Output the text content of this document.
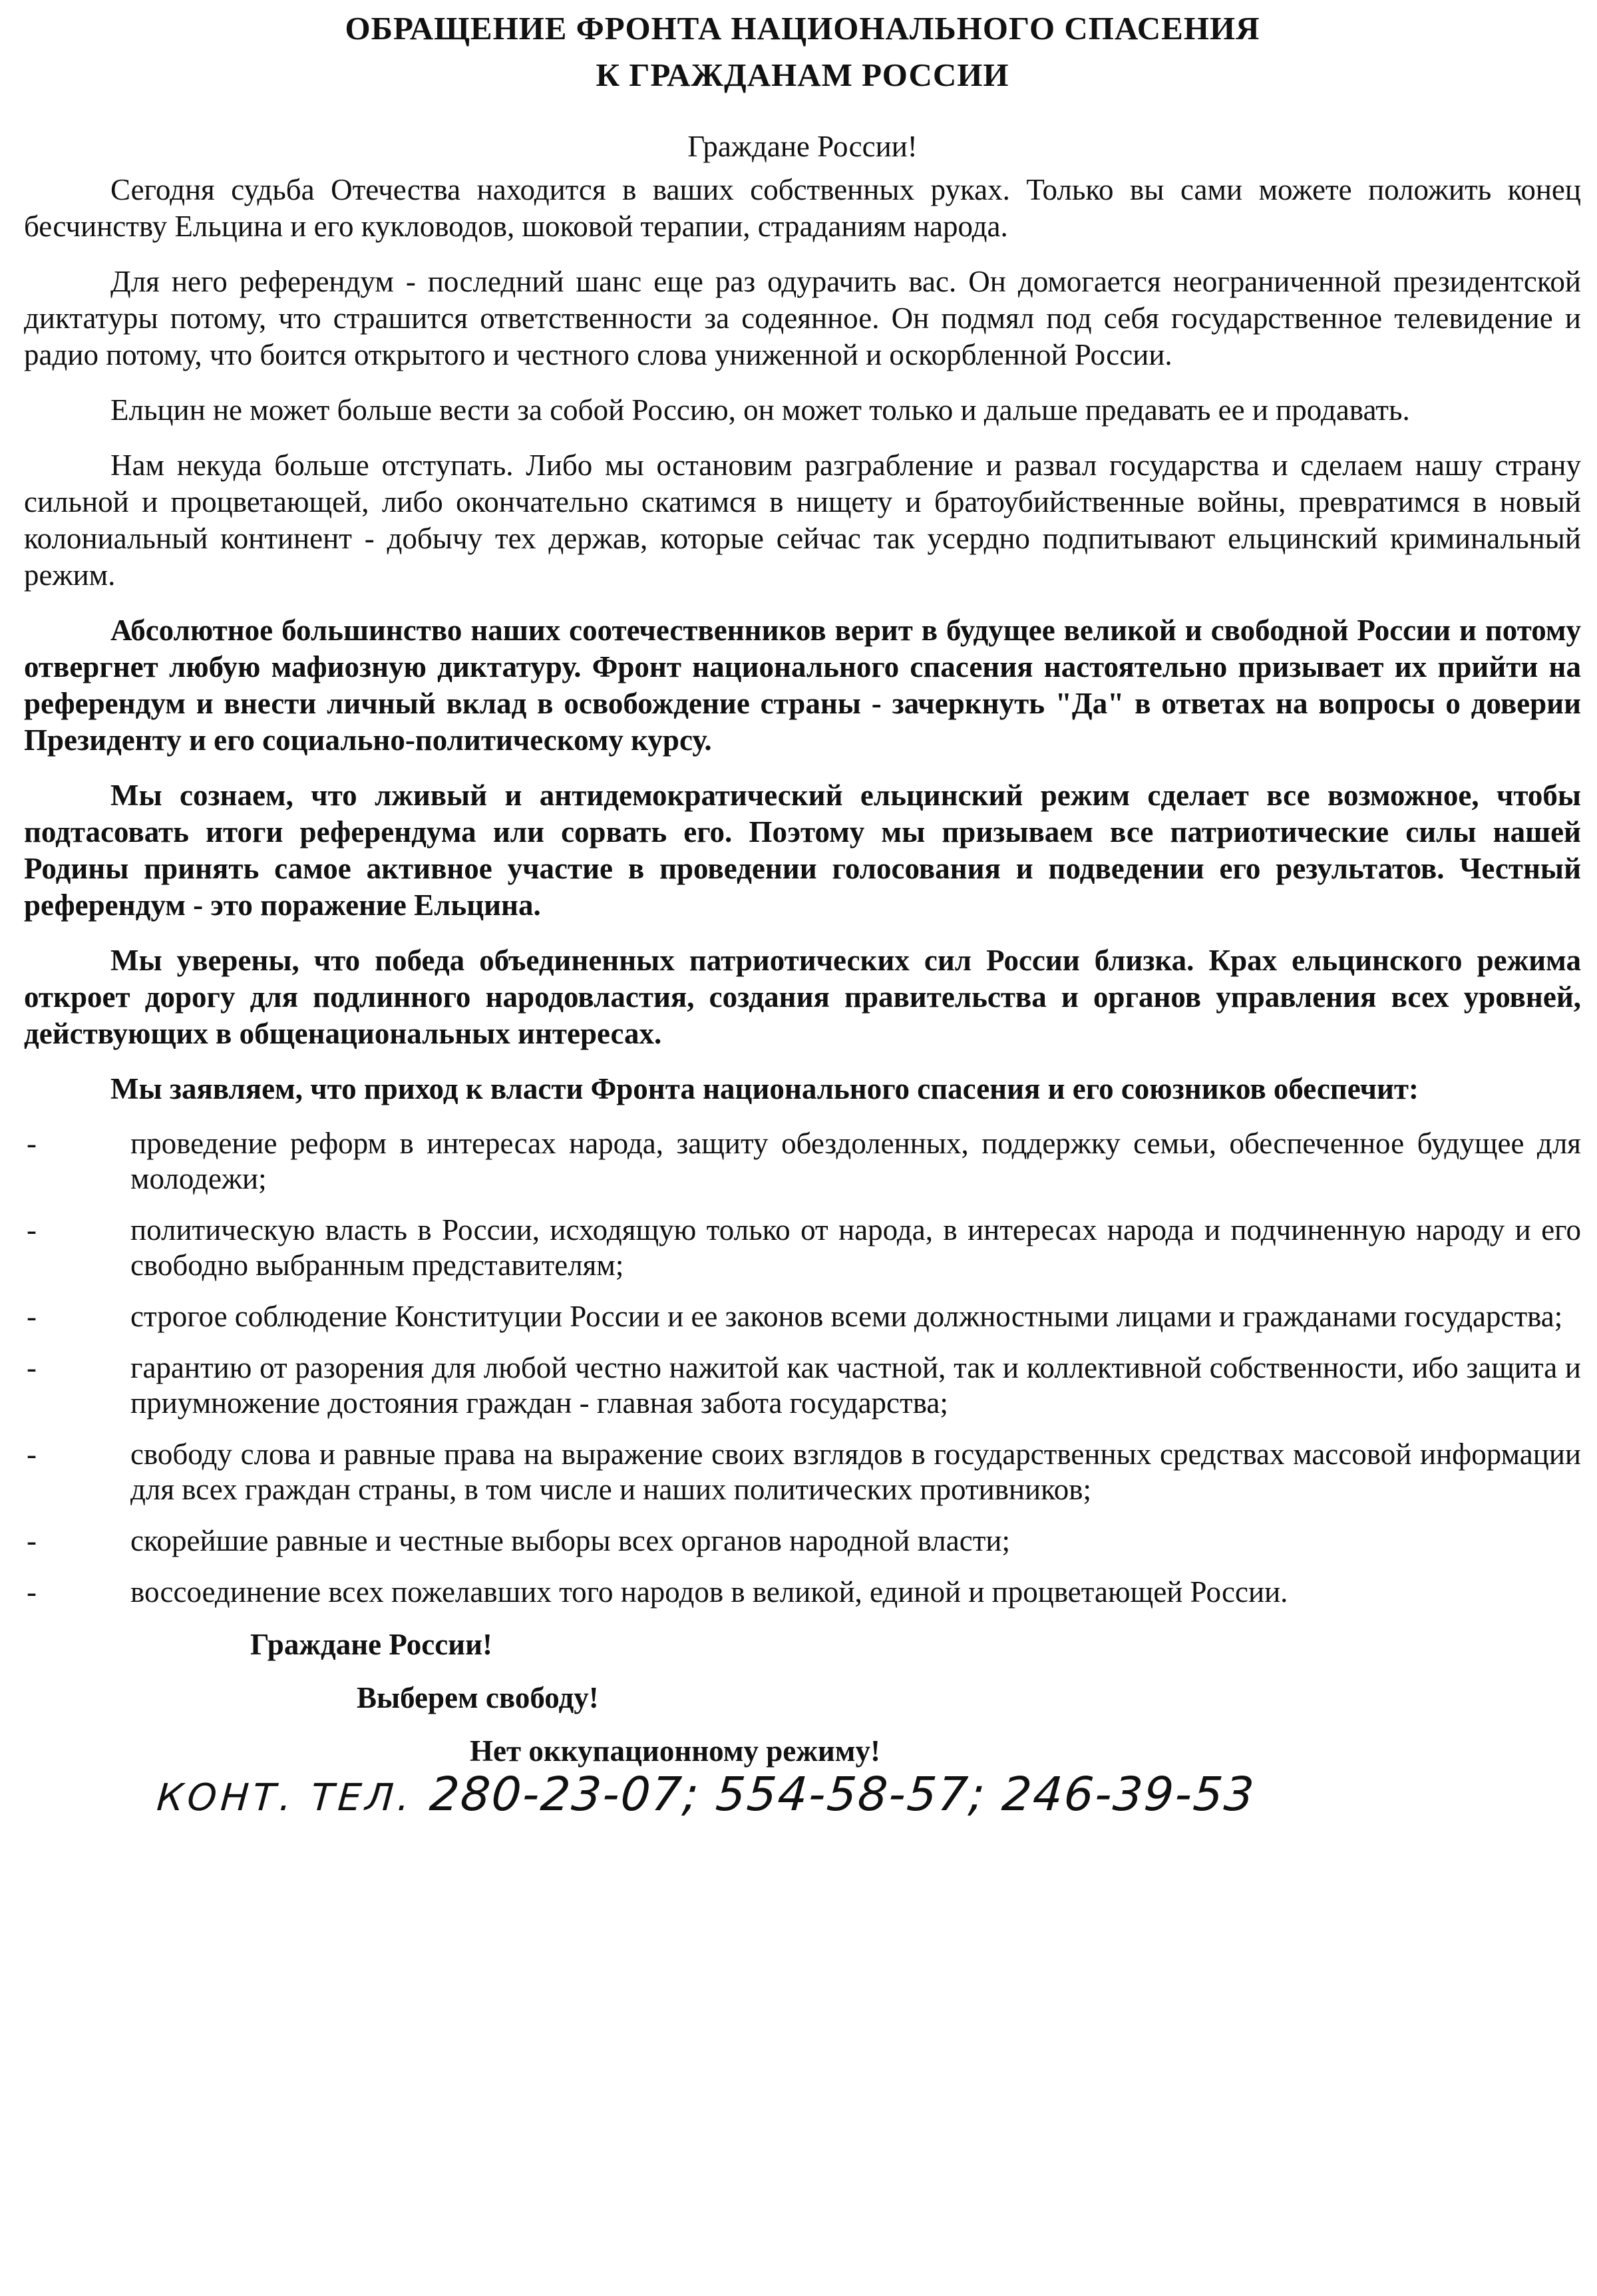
ОБРАЩЕНИЕ ФРОНТА НАЦИОНАЛЬНОГО СПАСЕНИЯ
К ГРАЖДАНАМ РОССИИ
Граждане России!

Сегодня судьба Отечества находится в ваших собственных руках. Только вы сами можете положить конец бесчинству Ельцина и его кукловодов, шоковой терапии, страданиям народа.

Для него референдум - последний шанс еще раз одурачить вас. Он домогается неограниченной президентской диктатуры потому, что страшится ответственности за содеянное. Он подмял под себя государственное телевидение и радио потому, что боится открытого и честного слова униженной и оскорбленной России.

Ельцин не может больше вести за собой Россию, он может только и дальше предавать ее и продавать.

Нам некуда больше отступать. Либо мы остановим разграбление и развал государства и сделаем нашу страну сильной и процветающей, либо окончательно скатимся в нищету и братоубийственные войны, превратимся в новый колониальный континент - добычу тех держав, которые сейчас так усердно подпитывают ельцинский криминальный режим.

Абсолютное большинство наших соотечественников верит в будущее великой и свободной России и потому отвергнет любую мафиозную диктатуру. Фронт национального спасения настоятельно призывает их прийти на референдум и внести личный вклад в освобождение страны - зачеркнуть "Да" в ответах на вопросы о доверии Президенту и его социально-политическому курсу.

Мы сознаем, что лживый и антидемократический ельцинский режим сделает все возможное, чтобы подтасовать итоги референдума или сорвать его. Поэтому мы призываем все патриотические силы нашей Родины принять самое активное участие в проведении голосования и подведении его результатов. Честный референдум - это поражение Ельцина.

Мы уверены, что победа объединенных патриотических сил России близка. Крах ельцинского режима откроет дорогу для подлинного народовластия, создания правительства и органов управления всех уровней, действующих в общенациональных интересах.

Мы заявляем, что приход к власти Фронта национального спасения и его союзников обеспечит:

-	проведение реформ в интересах народа, защиту обездоленных, поддержку семьи, обеспеченное будущее для молодежи;
-	политическую власть в России, исходящую только от народа, в интересах народа и подчиненную народу и его свободно выбранным представителям;
-	строгое соблюдение Конституции России и ее законов всеми должностными лицами и гражданами государства;
-	гарантию от разорения для любой честно нажитой как частной, так и коллективной собственности, ибо защита и приумножение достояния граждан - главная забота государства;
-	свободу слова и равные права на выражение своих взглядов в государственных средствах массовой информации для всех граждан страны, в том числе и наших политических противников;
-	скорейшие равные и честные выборы всех органов народной власти;
-	воссоединение всех пожелавших того народов в великой, единой и процветающей России.

Граждане России!

Выберем свободу!

Нет оккупационному режиму!

КОНТ. ТЕЛ. 280-23-07; 554-58-57; 246-39-53
